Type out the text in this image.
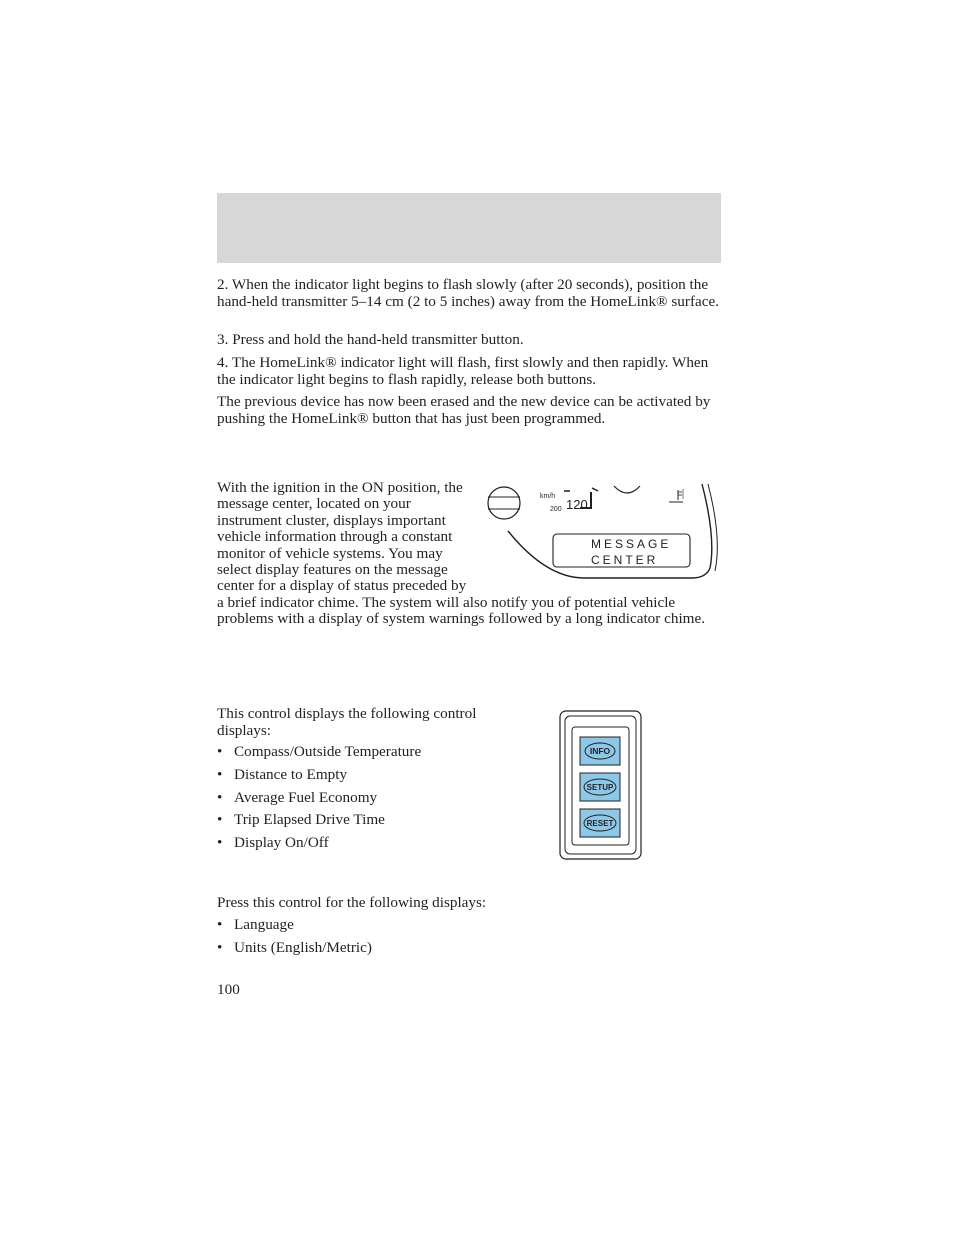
2. When the indicator light begins to flash slowly (after 20 seconds), position the hand-held transmitter 5–14 cm (2 to 5 inches) away from the HomeLink® surface.

3. Press and hold the hand-held transmitter button.

4. The HomeLink® indicator light will flash, first slowly and then rapidly. When the indicator light begins to flash rapidly, release both buttons.

The previous device has now been erased and the new device can be activated by pushing the HomeLink® button that has just been programmed.

With the ignition in the ON position, the message center, located on your instrument cluster, displays important vehicle information through a constant monitor of vehicle systems. You may select display features on the message center for a display of status preceded by a brief indicator chime. The system will also notify you of potential vehicle problems with a display of system warnings followed by a long indicator chime.
km/h
200 120
MESSAGE
CENTER

This control displays the following control displays:

• Compass/Outside Temperature
• Distance to Empty
• Average Fuel Economy
• Trip Elapsed Drive Time
• Display On/Off
INFO
SETUP
RESET

Press this control for the following displays:

• Language
• Units (English/Metric)
100
